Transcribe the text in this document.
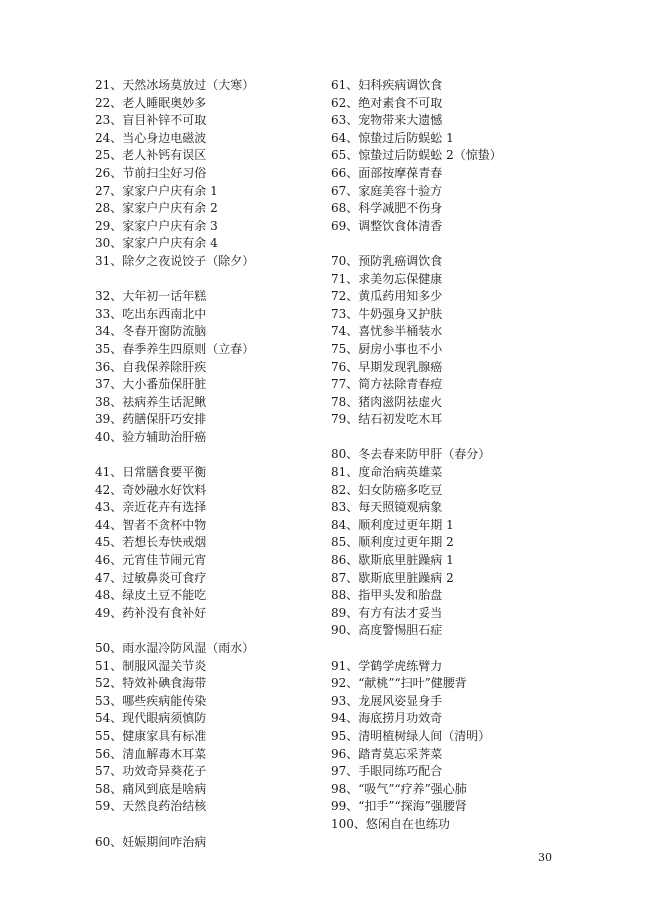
21、天然冰场莫放过（大寒）
22、老人睡眠奥妙多
23、盲目补锌不可取
24、当心身边电磁波
25、老人补钙有误区
26、节前扫尘好习俗
27、家家户户庆有余 1
28、家家户户庆有余 2
29、家家户户庆有余 3
30、家家户户庆有余 4
31、除夕之夜说饺子（除夕）
32、大年初一话年糕
33、吃出东西南北中
34、冬春开窗防流脑
35、春季养生四原则（立春）
36、自我保养除肝疾
37、大小番茄保肝脏
38、祛病养生话泥鳅
39、药膳保肝巧安排
40、验方辅助治肝癌
41、日常膳食要平衡
42、奇妙融水好饮料
43、亲近花卉有选择
44、智者不贪杯中物
45、若想长寿快戒烟
46、元宵佳节闹元宵
47、过敏鼻炎可食疗
48、绿皮土豆不能吃
49、药补没有食补好
50、雨水湿冷防风湿（雨水）
51、制服风湿关节炎
52、特效补碘食海带
53、哪些疾病能传染
54、现代眼病须慎防
55、健康家具有标准
56、清血解毒木耳菜
57、功效奇异葵花子
58、痛风到底是啥病
59、天然良药治结核
60、妊娠期间咋治病
61、妇科疾病调饮食
62、绝对素食不可取
63、宠物带来大遗憾
64、惊蛰过后防蜈蚣 1
65、惊蛰过后防蜈蚣 2（惊蛰）
66、面部按摩葆青春
67、家庭美容十验方
68、科学减肥不伤身
69、调整饮食体清香
70、预防乳癌调饮食
71、求美勿忘保健康
72、黄瓜药用知多少
73、牛奶强身又护肤
74、喜忧参半桶装水
75、厨房小事也不小
76、早期发现乳腺癌
77、简方祛除青春痘
78、猪肉滋阴祛虚火
79、结石初发吃木耳
80、冬去春来防甲肝（春分）
81、度命治病英雄菜
82、妇女防癌多吃豆
83、每天照镜观病象
84、顺利度过更年期 1
85、顺利度过更年期 2
86、歇斯底里脏躁病 1
87、歇斯底里脏躁病 2
88、指甲头发和胎盘
89、有方有法才妥当
90、高度警惕胆石症
91、学鹤学虎练臂力
92、“献桃”“扫叶”健腰背
93、龙展风姿显身手
94、海底捞月功效奇
95、清明植树绿人间（清明）
96、踏青莫忘采荠菜
97、手眼同练巧配合
98、“吸气”“疗养”强心肺
99、“扣手”“探海”强腰肾
100、悠闲自在也练功
30
